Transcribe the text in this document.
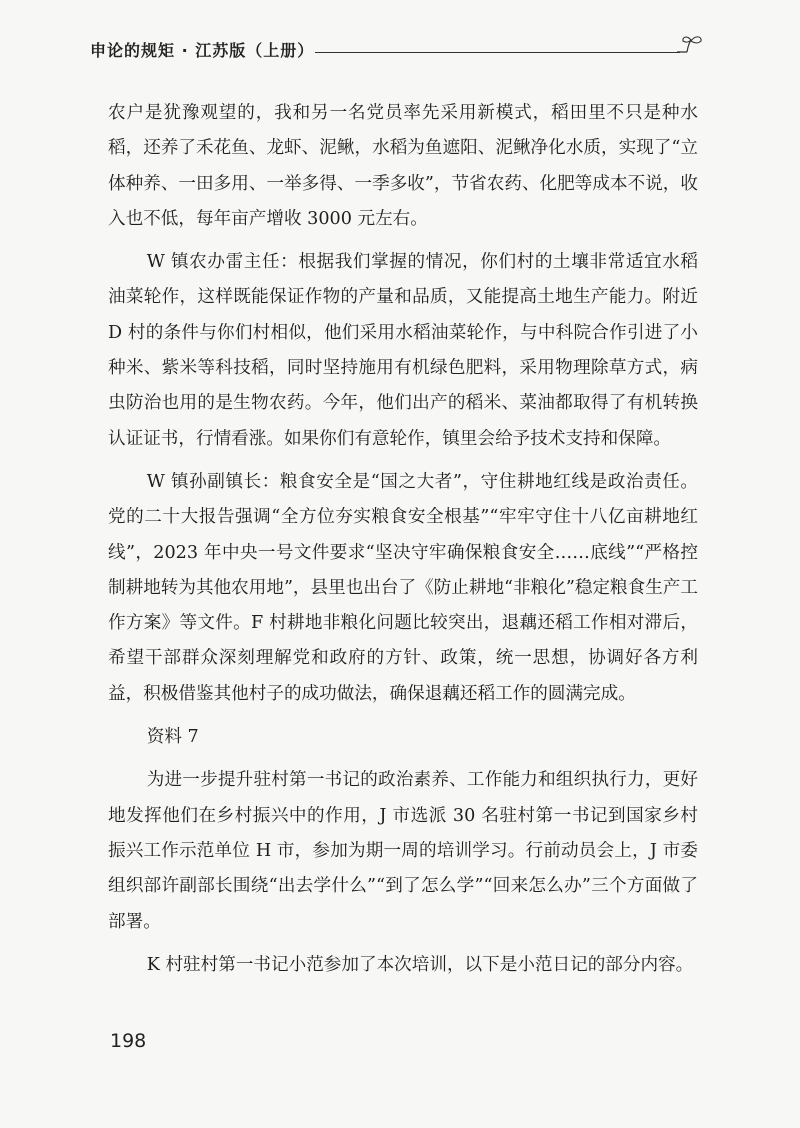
申论的规矩 · 江苏版（上册）

农户是犹豫观望的，我和另一名党员率先采用新模式，稻田里不只是种水稻，还养了禾花鱼、龙虾、泥鳅，水稻为鱼遮阳、泥鳅净化水质，实现了“立体种养、一田多用、一举多得、一季多收”，节省农药、化肥等成本不说，收入也不低，每年亩产增收 3000 元左右。

W 镇农办雷主任：根据我们掌握的情况，你们村的土壤非常适宜水稻油菜轮作，这样既能保证作物的产量和品质，又能提高土地生产能力。附近 D 村的条件与你们村相似，他们采用水稻油菜轮作，与中科院合作引进了小种米、紫米等科技稻，同时坚持施用有机绿色肥料，采用物理除草方式，病虫防治也用的是生物农药。今年，他们出产的稻米、菜油都取得了有机转换认证证书，行情看涨。如果你们有意轮作，镇里会给予技术支持和保障。

W 镇孙副镇长：粮食安全是“国之大者”，守住耕地红线是政治责任。党的二十大报告强调“全方位夯实粮食安全根基”“牢牢守住十八亿亩耕地红线”，2023 年中央一号文件要求“坚决守牢确保粮食安全……底线”“严格控制耕地转为其他农用地”，县里也出台了《防止耕地“非粮化”稳定粮食生产工作方案》等文件。F 村耕地非粮化问题比较突出，退藕还稻工作相对滞后，希望干部群众深刻理解党和政府的方针、政策，统一思想，协调好各方利益，积极借鉴其他村子的成功做法，确保退藕还稻工作的圆满完成。

资料 7

为进一步提升驻村第一书记的政治素养、工作能力和组织执行力，更好地发挥他们在乡村振兴中的作用，J 市选派 30 名驻村第一书记到国家乡村振兴工作示范单位 H 市，参加为期一周的培训学习。行前动员会上，J 市委组织部许副部长围绕“出去学什么”“到了怎么学”“回来怎么办”三个方面做了部署。

K 村驻村第一书记小范参加了本次培训，以下是小范日记的部分内容。

198
